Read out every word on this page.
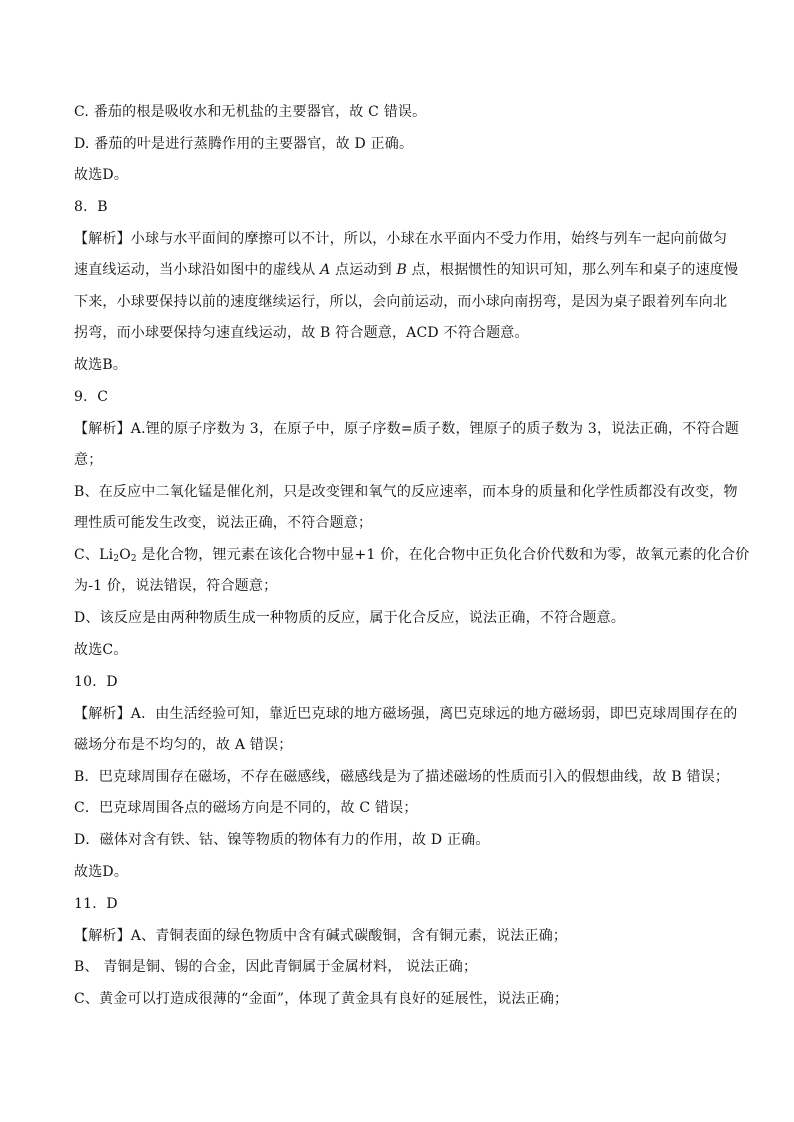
C. 番茄的根是吸收水和无机盐的主要器官，故 C 错误。
D. 番茄的叶是进行蒸腾作用的主要器官，故 D 正确。
故选D。
8．B
【解析】小球与水平面间的摩擦可以不计，所以，小球在水平面内不受力作用，始终与列车一起向前做匀
速直线运动，当小球沿如图中的虚线从 A 点运动到 B 点，根据惯性的知识可知，那么列车和桌子的速度慢
下来，小球要保持以前的速度继续运行，所以，会向前运动，而小球向南拐弯，是因为桌子跟着列车向北
拐弯，而小球要保持匀速直线运动，故 B 符合题意，ACD 不符合题意。
故选B。
9．C
【解析】A.锂的原子序数为 3，在原子中，原子序数=质子数，锂原子的质子数为 3，说法正确，不符合题
意；
B、在反应中二氧化锰是催化剂，只是改变锂和氧气的反应速率，而本身的质量和化学性质都没有改变，物
理性质可能发生改变，说法正确，不符合题意；
C、$Li_2O_2$ 是化合物，锂元素在该化合物中显+1 价，在化合物中正负化合价代数和为零，故氧元素的化合价
为-1 价，说法错误，符合题意；
D、该反应是由两种物质生成一种物质的反应，属于化合反应，说法正确，不符合题意。
故选C。
10．D
【解析】A．由生活经验可知，靠近巴克球的地方磁场强，离巴克球远的地方磁场弱，即巴克球周围存在的
磁场分布是不均匀的，故 A 错误；
B．巴克球周围存在磁场，不存在磁感线，磁感线是为了描述磁场的性质而引入的假想曲线，故 B 错误；
C．巴克球周围各点的磁场方向是不同的，故 C 错误；
D．磁体对含有铁、钴、镍等物质的物体有力的作用，故 D 正确。
故选D。
11．D
【解析】A、青铜表面的绿色物质中含有碱式碳酸铜，含有铜元素，说法正确；
B、 青铜是铜、锡的合金，因此青铜属于金属材料， 说法正确；
C、黄金可以打造成很薄的“金面”，体现了黄金具有良好的延展性，说法正确；
